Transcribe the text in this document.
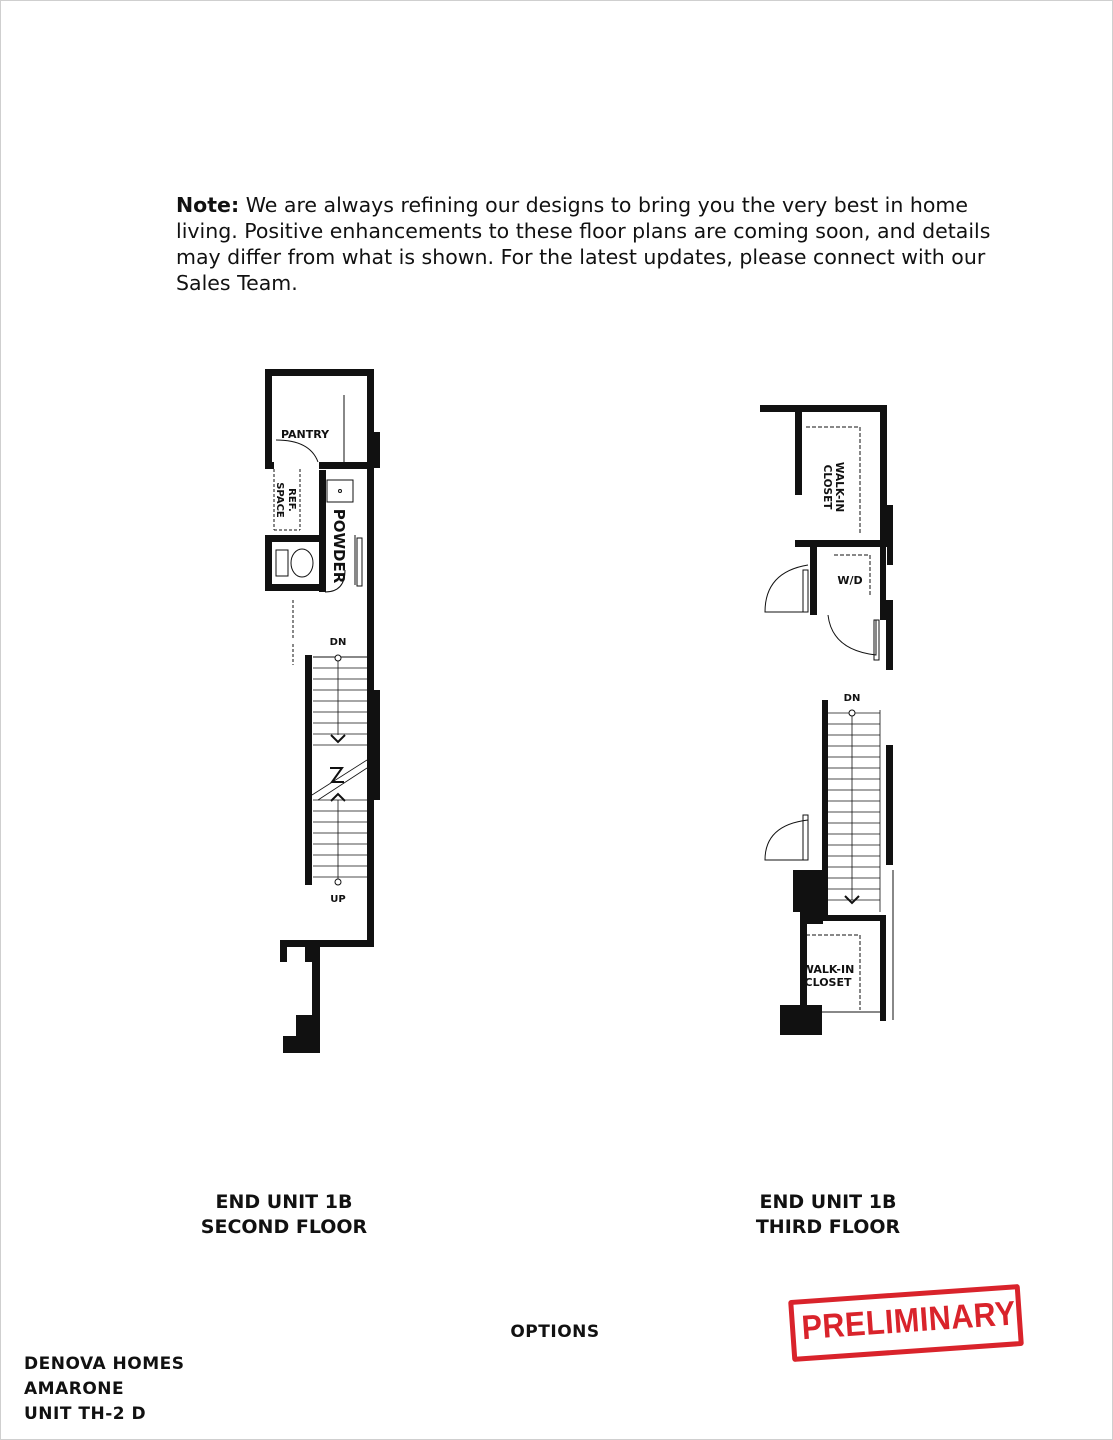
Note: We are always refining our designs to bring you the very best in home living. Positive enhancements to these floor plans are coming soon, and details may differ from what is shown. For the latest updates, please connect with our Sales Team.
PANTRY
REF.
SPACE
POWDER
DN
UP
END UNIT 1B
SECOND FLOOR
WALK-IN
CLOSET
W/D
DN
WALK-IN
CLOSET
END UNIT 1B
THIRD FLOOR
OPTIONS	PRELIMINARY
DENOVA HOMES
AMARONE
UNIT TH-2 D
